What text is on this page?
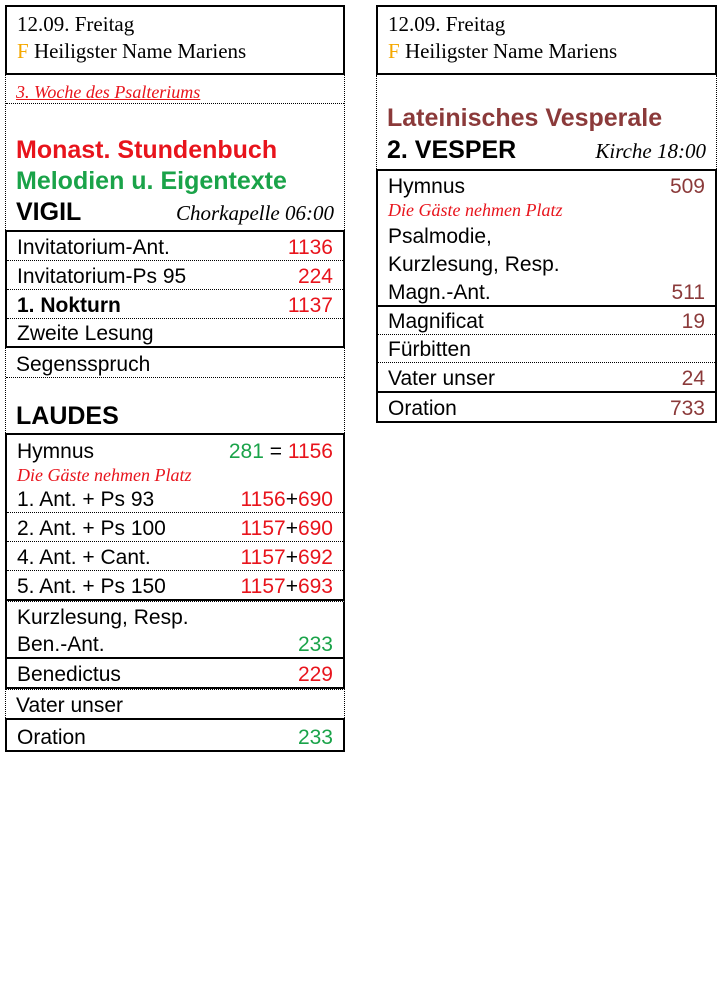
12.09. Freitag
F Heiligster Name Mariens
3. Woche des Psalteriums
Monast. Stundenbuch
Melodien u. Eigentexte
VIGIL	Chorkapelle 06:00
Invitatorium-Ant.	1136
Invitatorium-Ps 95	224
1. Nokturn	1137
Zweite Lesung
Segensspruch
LAUDES
Hymnus	281 = 1156
Die Gäste nehmen Platz
1. Ant. + Ps 93	1156+690
2. Ant. + Ps 100	1157+690
4. Ant. + Cant.	1157+692
5. Ant. + Ps 150	1157+693
Kurzlesung, Resp.
Ben.-Ant.	233
Benedictus	229
Vater unser
Oration	233
12.09. Freitag
F Heiligster Name Mariens
Lateinisches Vesperale
2. VESPER	Kirche 18:00
Hymnus	509
Die Gäste nehmen Platz
Psalmodie,
Kurzlesung, Resp.
Magn.-Ant.	511
Magnificat	19
Fürbitten
Vater unser	24
Oration	733
